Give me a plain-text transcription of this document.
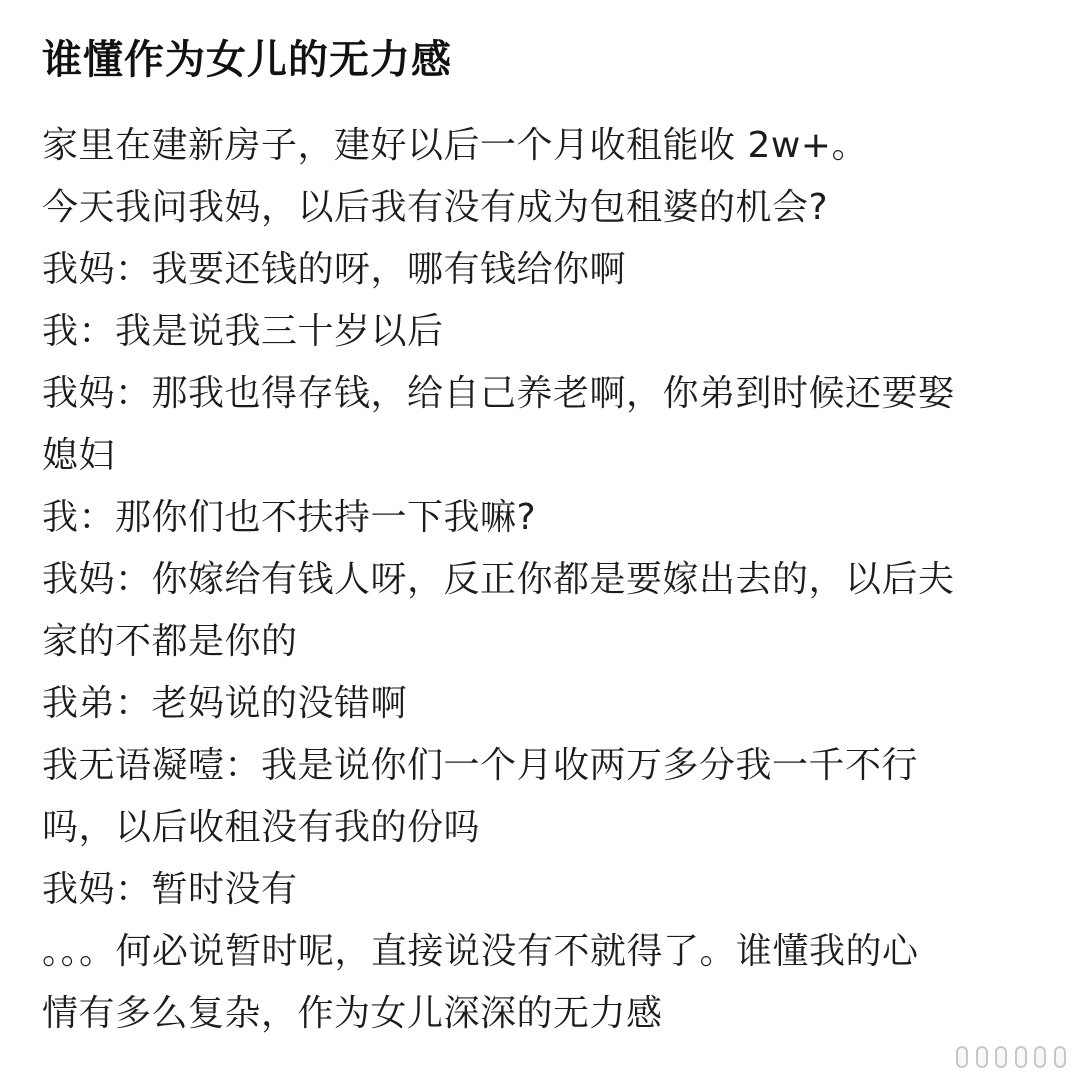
谁懂作为女儿的无力感
家里在建新房子，建好以后一个月收租能收 2w+。
今天我问我妈，以后我有没有成为包租婆的机会?
我妈：我要还钱的呀，哪有钱给你啊
我：我是说我三十岁以后
我妈：那我也得存钱，给自己养老啊，你弟到时候还要娶
媳妇
我：那你们也不扶持一下我嘛?
我妈：你嫁给有钱人呀，反正你都是要嫁出去的，以后夫
家的不都是你的
我弟：老妈说的没错啊
我无语凝噎：我是说你们一个月收两万多分我一千不行
吗，以后收租没有我的份吗
我妈：暂时没有
。。。何必说暂时呢，直接说没有不就得了。谁懂我的心
情有多么复杂，作为女儿深深的无力感
